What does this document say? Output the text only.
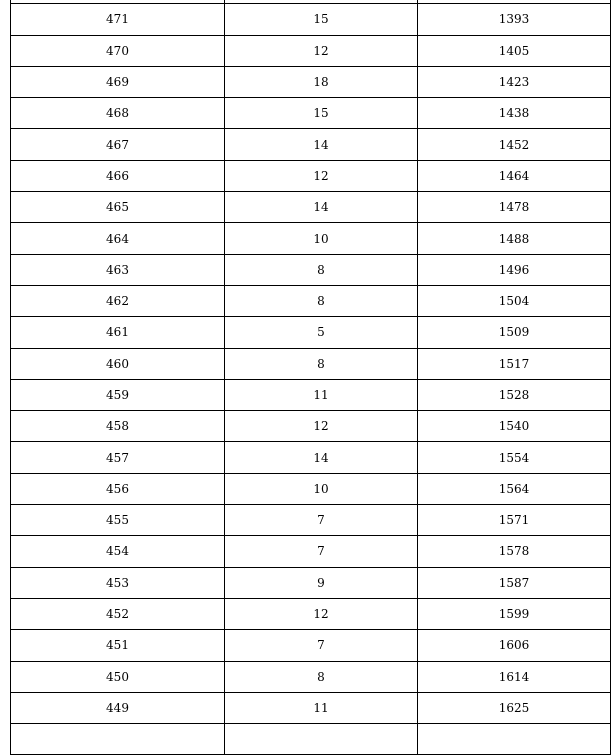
471	15	1393
470	12	1405
469	18	1423
468	15	1438
467	14	1452
466	12	1464
465	14	1478
464	10	1488
463	8	1496
462	8	1504
461	5	1509
460	8	1517
459	11	1528
458	12	1540
457	14	1554
456	10	1564
455	7	1571
454	7	1578
453	9	1587
452	12	1599
451	7	1606
450	8	1614
449	11	1625
